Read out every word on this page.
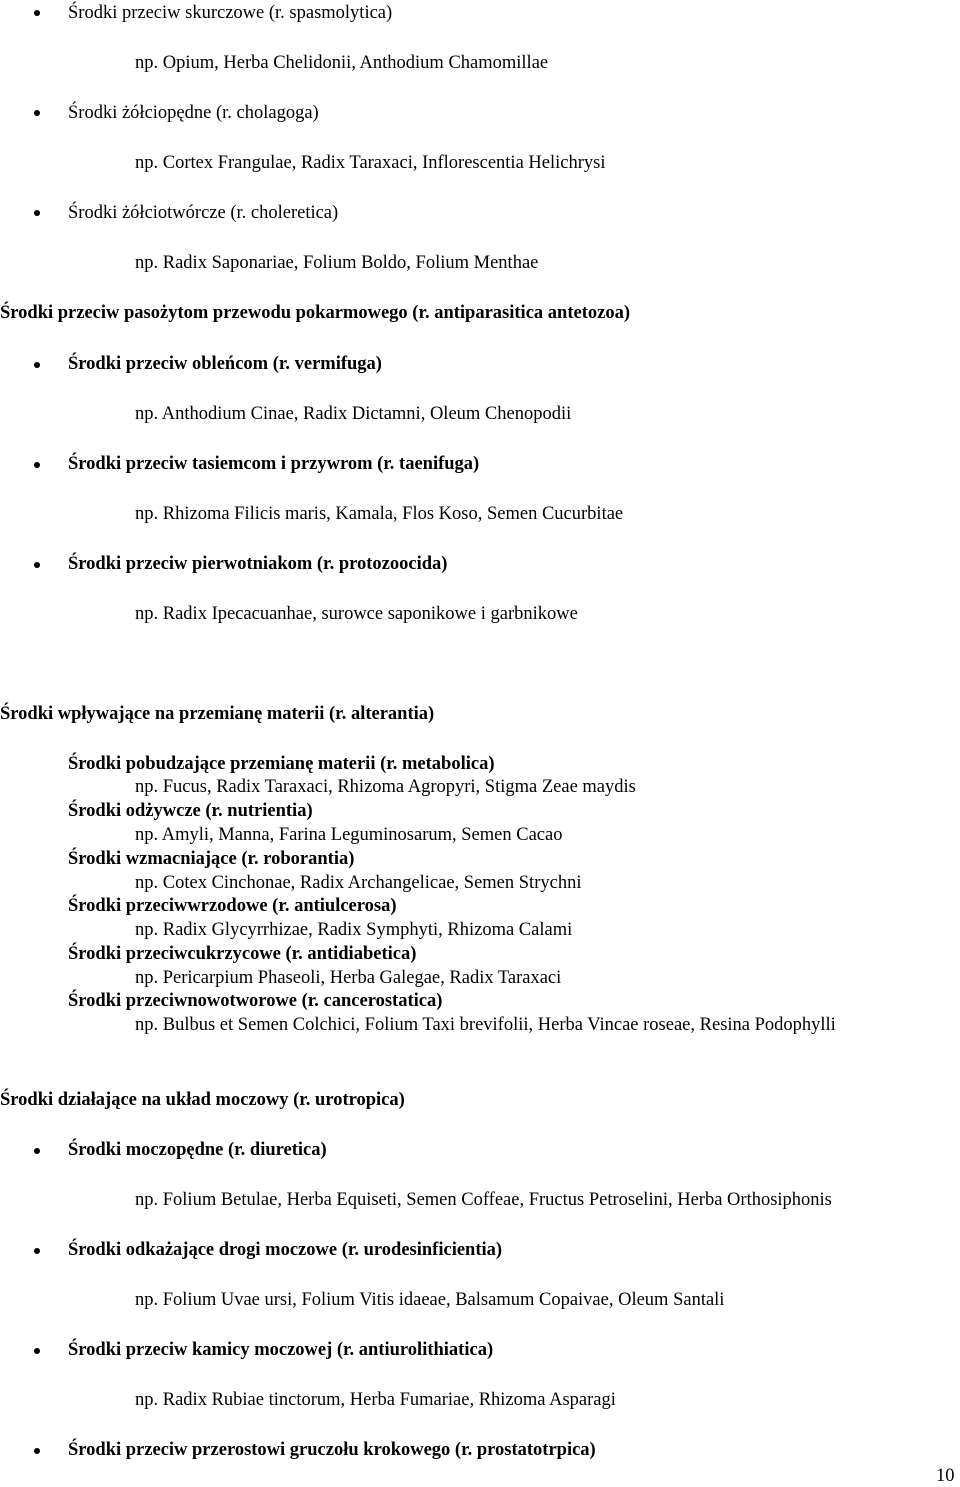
Środki przeciw skurczowe (r. spasmolytica)
np. Opium, Herba Chelidonii, Anthodium Chamomillae
Środki żółciopędne (r. cholagoga)
np. Cortex Frangulae, Radix Taraxaci, Inflorescentia Helichrysi
Środki żółciotwórcze (r. choleretica)
np. Radix Saponariae, Folium Boldo, Folium Menthae
Środki przeciw pasożytom przewodu pokarmowego (r. antiparasitica antetozoa)
Środki przeciw obleńcom (r. vermifuga)
np. Anthodium Cinae, Radix Dictamni, Oleum Chenopodii
Środki przeciw tasiemcom i przywrom (r. taenifuga)
np. Rhizoma Filicis maris, Kamala, Flos Koso, Semen Cucurbitae
Środki przeciw pierwotniakom (r. protozoocida)
np. Radix Ipecacuanhae, surowce saponikowe i garbnikowe
Środki wpływające na przemianę materii (r. alterantia)
Środki pobudzające przemianę materii (r. metabolica)
np. Fucus, Radix Taraxaci, Rhizoma Agropyri, Stigma Zeae maydis
Środki odżywcze (r. nutrientia)
np. Amyli, Manna, Farina Leguminosarum, Semen Cacao
Środki wzmacniające (r. roborantia)
np. Cotex Cinchonae, Radix Archangelicae, Semen Strychni
Środki przeciwwrzodowe (r. antiulcerosa)
np. Radix Glycyrrhizae, Radix Symphyti, Rhizoma Calami
Środki przeciwcukrzycowe (r. antidiabetica)
np. Pericarpium Phaseoli, Herba Galegae, Radix Taraxaci
Środki przeciwnowotworowe (r. cancerostatica)
np. Bulbus et Semen Colchici, Folium Taxi brevifolii, Herba Vincae roseae, Resina Podophylli
Środki działające na układ moczowy (r. urotropica)
Środki moczopędne (r. diuretica)
np. Folium Betulae, Herba Equiseti, Semen Coffeae, Fructus Petroselini, Herba Orthosiphonis
Środki odkażające drogi moczowe (r. urodesinficientia)
np. Folium Uvae ursi, Folium Vitis idaeae, Balsamum Copaivae, Oleum Santali
Środki przeciw kamicy moczowej (r. antiurolithiatica)
np. Radix Rubiae tinctorum, Herba Fumariae, Rhizoma Asparagi
Środki przeciw przerostowi gruczołu krokowego (r. prostatotrpica)
10
